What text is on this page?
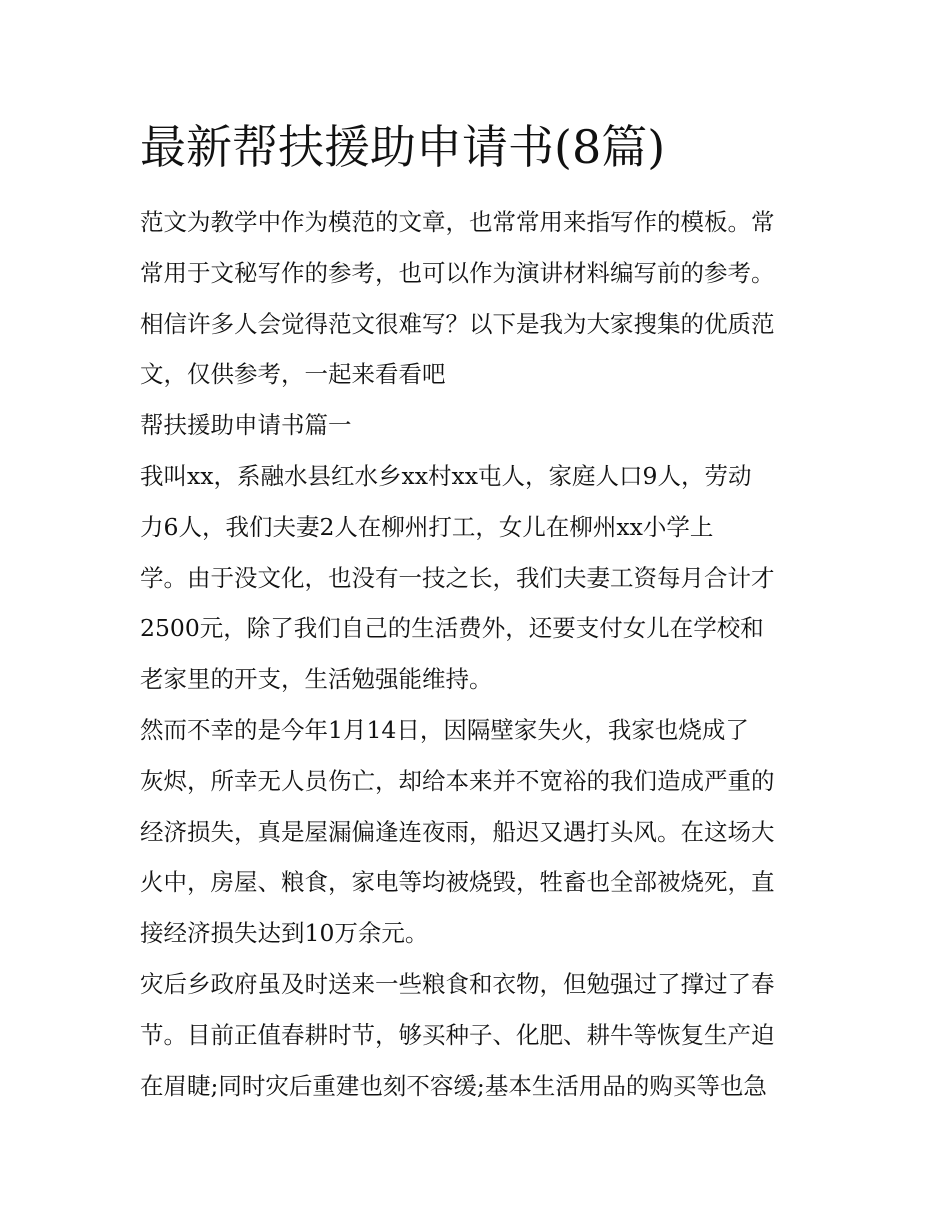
最新帮扶援助申请书(8篇)
范文为教学中作为模范的文章，也常常用来指写作的模板。常
常用于文秘写作的参考，也可以作为演讲材料编写前的参考。
相信许多人会觉得范文很难写？以下是我为大家搜集的优质范
文，仅供参考，一起来看看吧
帮扶援助申请书篇一
我叫xx，系融水县红水乡xx村xx屯人，家庭人口9人，劳动
力6人，我们夫妻2人在柳州打工，女儿在柳州xx小学上
学。由于没文化，也没有一技之长，我们夫妻工资每月合计才
2500元，除了我们自己的生活费外，还要支付女儿在学校和
老家里的开支，生活勉强能维持。
然而不幸的是今年1月14日，因隔壁家失火，我家也烧成了
灰烬，所幸无人员伤亡，却给本来并不宽裕的我们造成严重的
经济损失，真是屋漏偏逢连夜雨，船迟又遇打头风。在这场大
火中，房屋、粮食，家电等均被烧毁，牲畜也全部被烧死，直
接经济损失达到10万余元。
灾后乡政府虽及时送来一些粮食和衣物，但勉强过了撑过了春
节。目前正值春耕时节，够买种子、化肥、耕牛等恢复生产迫
在眉睫;同时灾后重建也刻不容缓;基本生活用品的购买等也急
